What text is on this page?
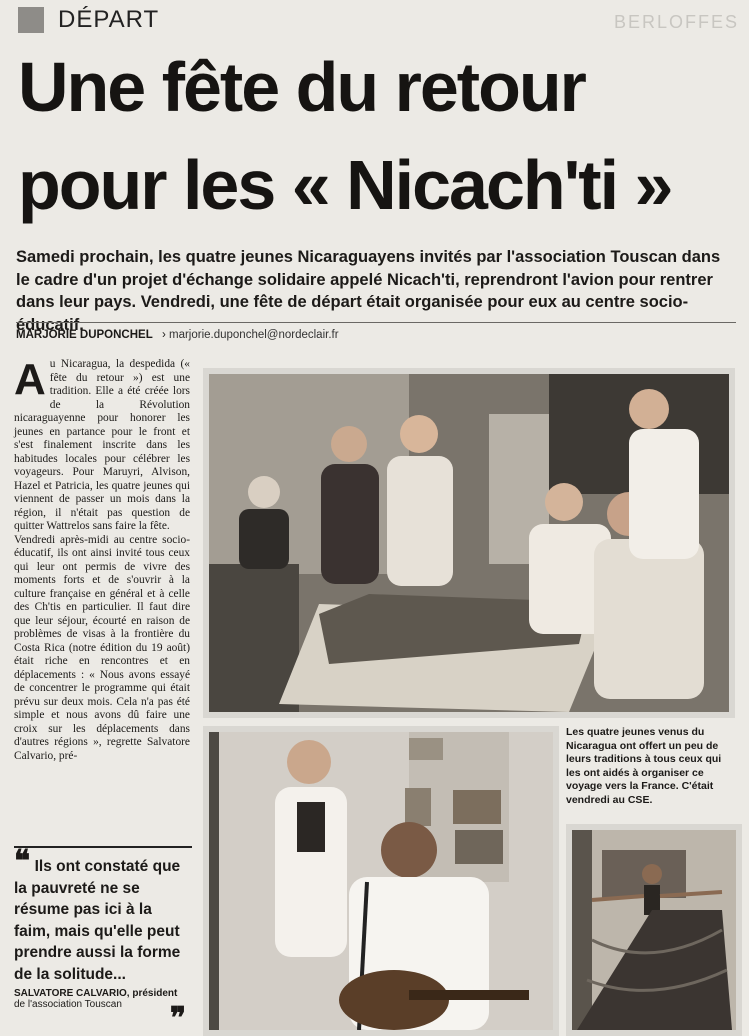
DÉPART	BERLOFFES
Une fête du retour
pour les « Nicach'ti »

Samedi prochain, les quatre jeunes Nicaraguayens invités par l'association Touscan dans le cadre d'un projet d'échange solidaire appelé Nicach'ti, reprendront l'avion pour rentrer dans leur pays. Vendredi, une fête de départ était organisée pour eux au centre socio-éducatif.

MARJORIE DUPONCHEL › marjorie.duponchel@nordeclair.fr
A u Nicaragua, la despedida (« fête du retour ») est une tradition. Elle a été créée lors de la Révolution nicaraguayenne pour honorer les jeunes en partance pour le front et s'est finalement inscrite dans les habitudes locales pour célébrer les voyageurs. Pour Maruyri, Alvison, Hazel et Patricia, les quatre jeunes qui viennent de passer un mois dans la région, il n'était pas question de quitter Wattrelos sans faire la fête.

Vendredi après-midi au centre socio-éducatif, ils ont ainsi invité tous ceux qui leur ont permis de vivre des moments forts et de s'ouvrir à la culture française en général et à celle des Ch'tis en particulier. Il faut dire que leur séjour, écourté en raison de problèmes de visas à la frontière du Costa Rica (notre édition du 19 août) était riche en rencontres et en déplacements : « Nous avons essayé de concentrer le programme qui était prévu sur deux mois. Cela n'a pas été simple et nous avons dû faire une croix sur les déplacements dans d'autres régions », regrette Salvatore Calvario, pré-

❝ Ils ont constaté que la pauvreté ne se résume pas ici à la faim, mais qu'elle peut prendre aussi la forme de la solitude...
SALVATORE CALVARIO, président
de l'association Touscan	❞

Les quatre jeunes venus du Nicaragua ont offert un peu de leurs traditions à tous ceux qui les ont aidés à organiser ce voyage vers la France. C'était vendredi au CSE.
